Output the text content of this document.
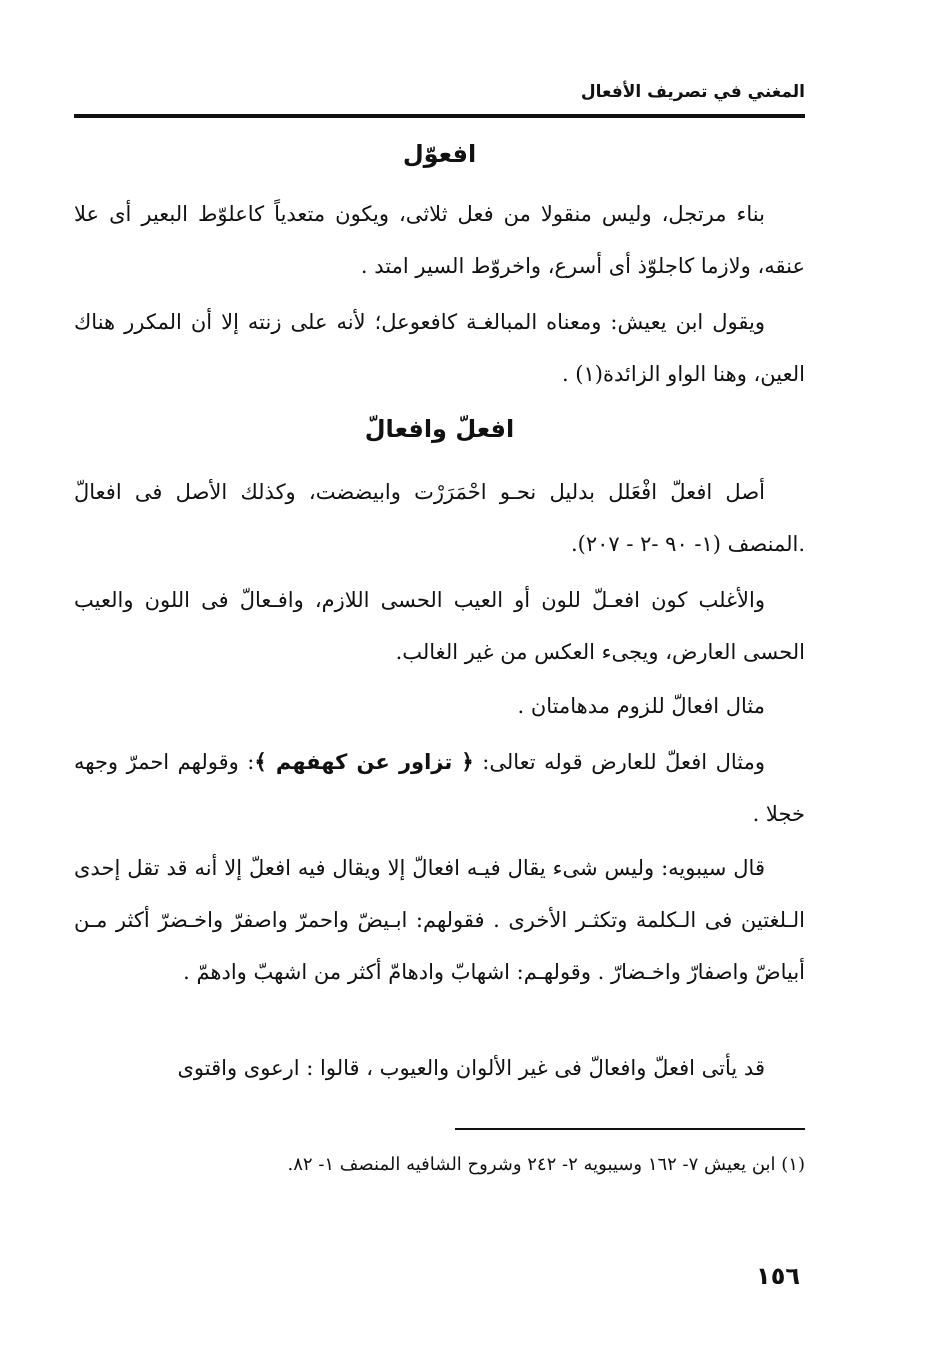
المغني في تصريف الأفعال
افعوّل

بناء مرتجل، وليس منقولا من فعل ثلاثى، ويكون متعدياً كاعلوّط البعير أى علا عنقه، ولازما كاجلوّذ أى أسرع، واخروّط السير امتد .

ويقول ابن يعيش: ومعناه المبالغـة كافعوعل؛ لأنه على زنته إلا أن المكرر هناك العين، وهنا الواو الزائدة(١) .

افعلّ وافعالّ

أصل افعلّ افْعَلل بدليل نحـو احْمَرَرْت وابيضضت، وكذلك الأصل فى افعالّ .المنصف (١- ٩٠ -٢ - ٢٠٧).

والأغلب كون افعـلّ للون أو العيب الحسى اللازم، وافـعالّ فى اللون والعيب الحسى العارض، ويجىء العكس من غير الغالب.

مثال افعالّ للزوم مدهامتان .

ومثال افعلّ للعارض قوله تعالى: ﴿ تزاور عن كهفهم ﴾: وقولهم احمرّ وجهه خجلا .

قال سيبويه: وليس شىء يقال فيـه افعالّ إلا ويقال فيه افعلّ إلا أنه قد تقل إحدى الـلغتين فى الـكلمة وتكثـر الأخرى . فقولهم: ابـيضّ واحمرّ واصفرّ واخـضرّ أكثر مـن أبياضّ واصفارّ واخـضارّ . وقولهـم: اشهابّ وادهامّ أكثر من اشهبّ وادهمّ .

قد يأتى افعلّ وافعالّ فى غير الألوان والعيوب ، قالوا : ارعوى واقتوى

(١) ابن يعيش ٧- ١٦٢ وسيبويه ٢- ٢٤٢ وشروح الشافيه المنصف ١- ٨٢.

١٥٦
